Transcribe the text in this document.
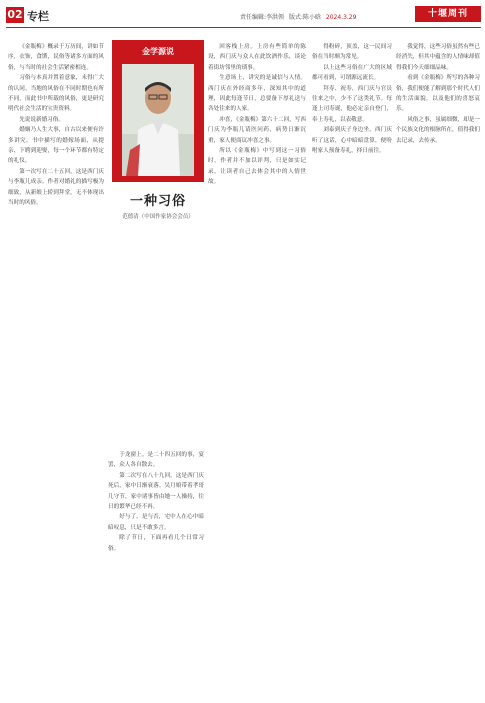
02 专栏	责任编辑:李洪领 版式:陈小晗 2024.3.29	十堰周刊
金学源说
一种习俗
范德清（中国作家协会会员）

《金瓶梅》概录于万历间，讲如节序，衣饰，食馔，民俗等诸多方面的风俗，与当时的社会生活紧密相连。

习俗与本真并置着意象，未得广大的认同。当地的风俗在不同时期也有所不同，而此书中所载的风俗，更是研究明代社会生活的宝贵资料。

先说说新婚习俗。

婚姻乃人生大事，自古以来便有许多讲究。书中描写的婚嫁场面，从提亲、下聘到迎娶，每一个环节都有特定的礼仪。

第一次写在二十五回，这是西门庆与李瓶儿成亲。作者对婚礼的描写极为细致，从新娘上轿到拜堂，无不体现出当时的风俗。

于龙窗上。是二十四五回的事，宴罢，众人各自散去。

第二次写在八十九回，这是西门庆死后，家中日渐衰落。吴月娘带着孝哥儿守节，家中诸事皆由她一人操持，往日的繁华已经不再。

好与了，是与否，宅中人在心中暗暗叹息，只是不敢多言。

除了节日，下面再看几个日常习俗。

回客栈上房。上房有些简单的陈设，西门庆与众人在此饮酒作乐，谈论着街坊邻里的琐事。

生意场上，讲究的是诚信与人情。西门庆在外经商多年，深知其中的道理，因此每逢节日，总要备下厚礼送与各处往来的人家。

冲喜，《金瓶梅》第六十二回，写西门庆为李瓶儿请医问药，病势日渐沉重，家人便商议冲喜之事。

所以《金瓶梅》中写到这一习俗时，作者并不加以评判，只是如实记录，让读者自己去体会其中的人情世故。

得粉碎，顶盖，这一民间习俗在当时颇为常见。

以上这些习俗在广大的区域都可看到，可谓源远流长。

拜寿、祝寿，西门庆与官员往来之中，少不了这类礼节。每逢上司寿诞，他必定亲自登门，奉上寿礼，以表敬意。

刘泰到庆子身边坐，西门庆听了这话，心中暗暗盘算，便吩咐家人预备寿礼，择日前往。

我觉得，这些习俗虽然有些已经消失，但其中蕴含的人情味却值得我们今天细细品味。

看到《金瓶梅》所写的各种习俗，我们便能了解到那个时代人们的生活面貌，以及他们的喜怒哀乐。

风俗之事，虽属细微，却是一个民族文化的根脉所在，值得我们去记录，去传承。
